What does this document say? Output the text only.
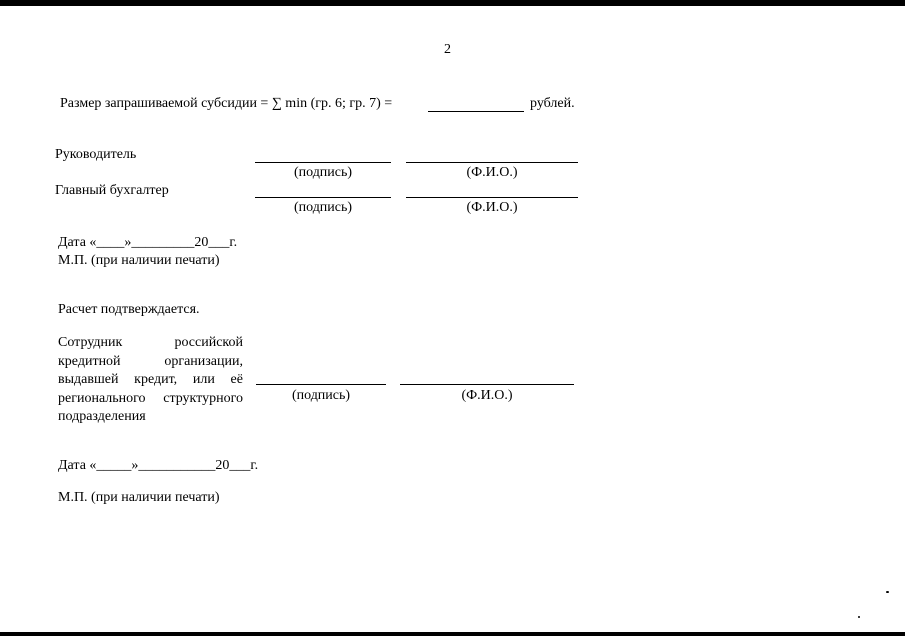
2
Размер запрашиваемой субсидии = ∑ min (гр. 6; гр. 7) =	рублей.
Руководитель
(подпись)	(Ф.И.О.)
Главный бухгалтер
(подпись)	(Ф.И.О.)
Дата «____»_________20___г.
М.П. (при наличии печати)
Расчет подтверждается.
Сотрудник российской
кредитной организации,
выдавшей кредит, или её
регионального структурного
подразделения
(подпись)	(Ф.И.О.)
Дата «_____»___________20___г.
М.П. (при наличии печати)
